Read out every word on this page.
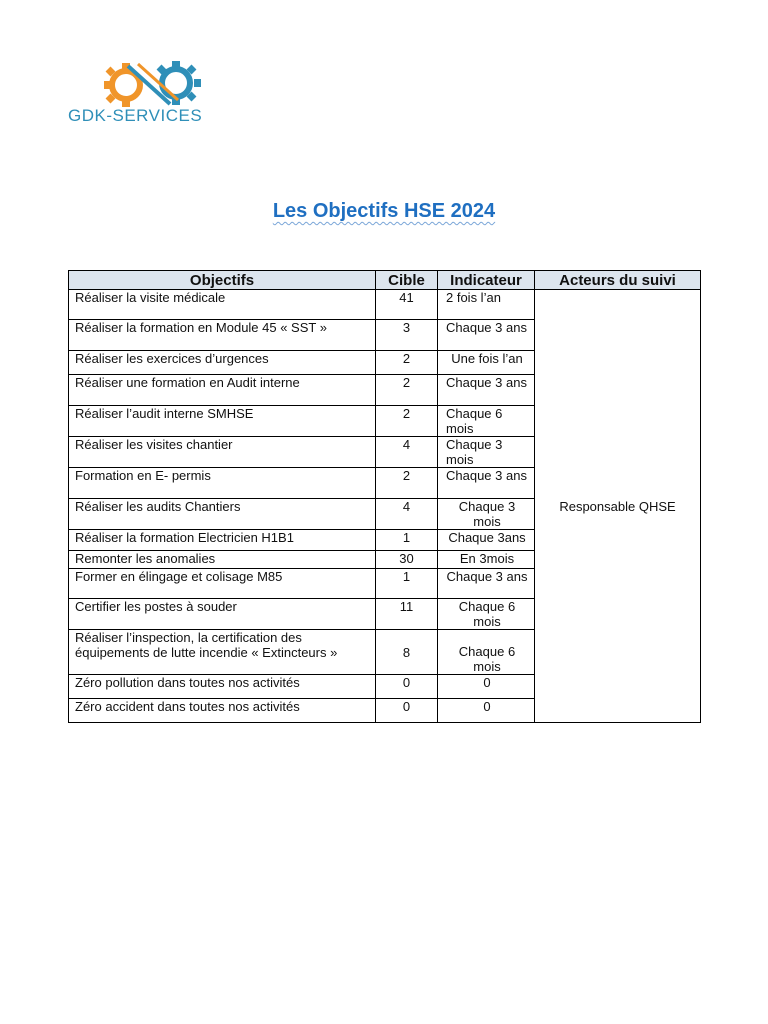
GDK-SERVICES
Les Objectifs HSE 2024
Objectifs	Cible	Indicateur	Acteurs du suivi
Réaliser la visite médicale	41	2 fois l’an	Responsable QHSE
Réaliser la formation en Module 45 « SST »	3	Chaque 3 ans	
Réaliser les exercices d’urgences	2	Une fois l’an	
Réaliser une formation en Audit interne	2	Chaque 3 ans	
Réaliser l’audit interne SMHSE	2	Chaque 6 mois	
Réaliser les visites chantier	4	Chaque 3 mois	
Formation en E- permis	2	Chaque 3 ans	
Réaliser les audits Chantiers	4	Chaque 3 mois	
Réaliser la formation Electricien H1B1	1	Chaque 3ans	
Remonter les anomalies	30	En 3mois	
Former en élingage et colisage M85	1	Chaque 3 ans	
Certifier les postes à souder	11	Chaque 6 mois	
Réaliser l’inspection, la certification des équipements de lutte incendie « Extincteurs »	8	Chaque 6 mois	
Zéro pollution dans toutes nos activités	0	0	
Zéro accident dans toutes nos activités	0	0	
